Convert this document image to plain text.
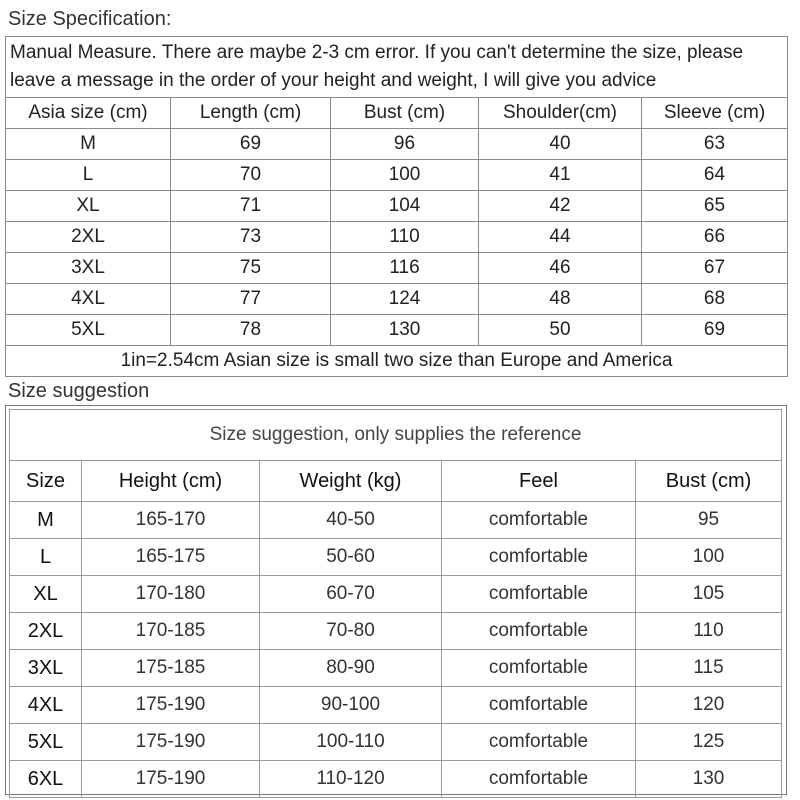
Size Specification:
Manual Measure. There are maybe 2-3 cm error. If you can't determine the size, please leave a message in the order of your height and weight, I will give you advice				
Asia size (cm)	Length (cm)	Bust (cm)	Shoulder(cm)	Sleeve (cm)
M	69	96	40	63
L	70	100	41	64
XL	71	104	42	65
2XL	73	110	44	66
3XL	75	116	46	67
4XL	77	124	48	68
5XL	78	130	50	69
1in=2.54cm Asian size is small two size than Europe and America				
Size suggestion
Size suggestion, only supplies the reference				
Size	Height (cm)	Weight (kg)	Feel	Bust (cm)
M	165-170	40-50	comfortable	95
L	165-175	50-60	comfortable	100
XL	170-180	60-70	comfortable	105
2XL	170-185	70-80	comfortable	110
3XL	175-185	80-90	comfortable	115
4XL	175-190	90-100	comfortable	120
5XL	175-190	100-110	comfortable	125
6XL	175-190	110-120	comfortable	130
